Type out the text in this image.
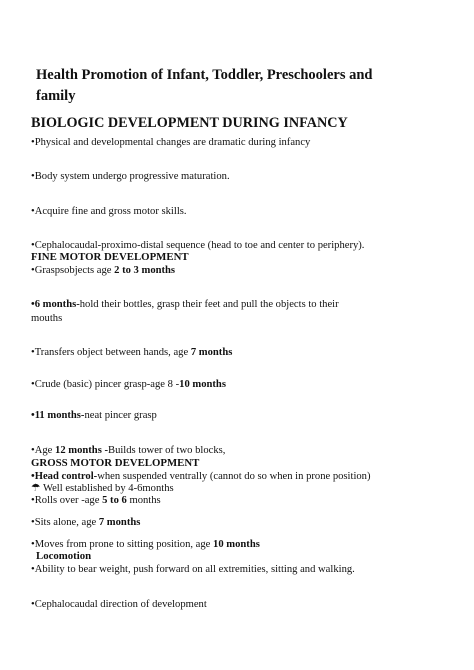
Health Promotion of Infant, Toddler, Preschoolers and
family
BIOLOGIC DEVELOPMENT DURING INFANCY
•Physical and developmental changes are dramatic during infancy
•Body system undergo progressive maturation.
•Acquire fine and gross motor skills.
•Cephalocaudal-proximo-distal sequence (head to toe and center to periphery).
FINE MOTOR DEVELOPMENT
•Graspsobjects age 2 to 3 months
•6 months-hold their bottles, grasp their feet and pull the objects to their
mouths
•Transfers object between hands, age 7 months
•Crude (basic) pincer grasp-age 8 -10 months
•11 months-neat pincer grasp
•Age 12 months -Builds tower of two blocks,
GROSS MOTOR DEVELOPMENT
•Head control-when suspended ventrally (cannot do so when in prone position)
☂ Well established by 4-6months
•Rolls over -age 5 to 6 months
•Sits alone, age 7 months
•Moves from prone to sitting position, age 10 months
Locomotion
•Ability to bear weight, push forward on all extremities, sitting and walking.
•Cephalocaudal direction of development
